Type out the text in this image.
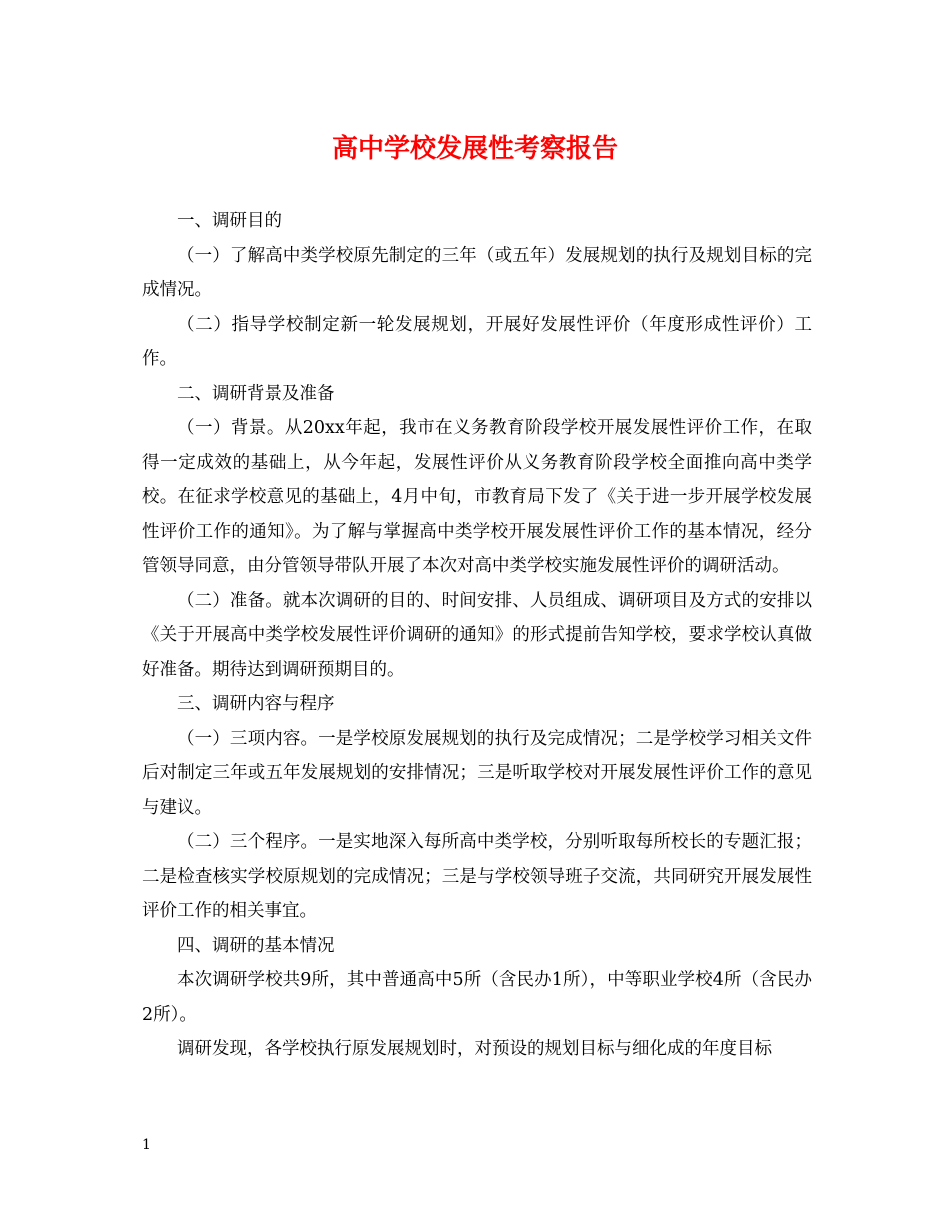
高中学校发展性考察报告

一、调研目的

（一）了解高中类学校原先制定的三年（或五年）发展规划的执行及规划目标的完成情况。

（二）指导学校制定新一轮发展规划，开展好发展性评价（年度形成性评价）工作。

二、调研背景及准备

（一）背景。从20xx年起，我市在义务教育阶段学校开展发展性评价工作，在取得一定成效的基础上，从今年起，发展性评价从义务教育阶段学校全面推向高中类学校。在征求学校意见的基础上，4月中旬，市教育局下发了《关于进一步开展学校发展性评价工作的通知》。为了解与掌握高中类学校开展发展性评价工作的基本情况，经分管领导同意，由分管领导带队开展了本次对高中类学校实施发展性评价的调研活动。

（二）准备。就本次调研的目的、时间安排、人员组成、调研项目及方式的安排以《关于开展高中类学校发展性评价调研的通知》的形式提前告知学校，要求学校认真做好准备。期待达到调研预期目的。

三、调研内容与程序

（一）三项内容。一是学校原发展规划的执行及完成情况；二是学校学习相关文件后对制定三年或五年发展规划的安排情况；三是听取学校对开展发展性评价工作的意见与建议。

（二）三个程序。一是实地深入每所高中类学校，分别听取每所校长的专题汇报；二是检查核实学校原规划的完成情况；三是与学校领导班子交流，共同研究开展发展性评价工作的相关事宜。

四、调研的基本情况

本次调研学校共9所，其中普通高中5所（含民办1所），中等职业学校4所（含民办2所）。

调研发现，各学校执行原发展规划时，对预设的规划目标与细化成的年度目标

1
